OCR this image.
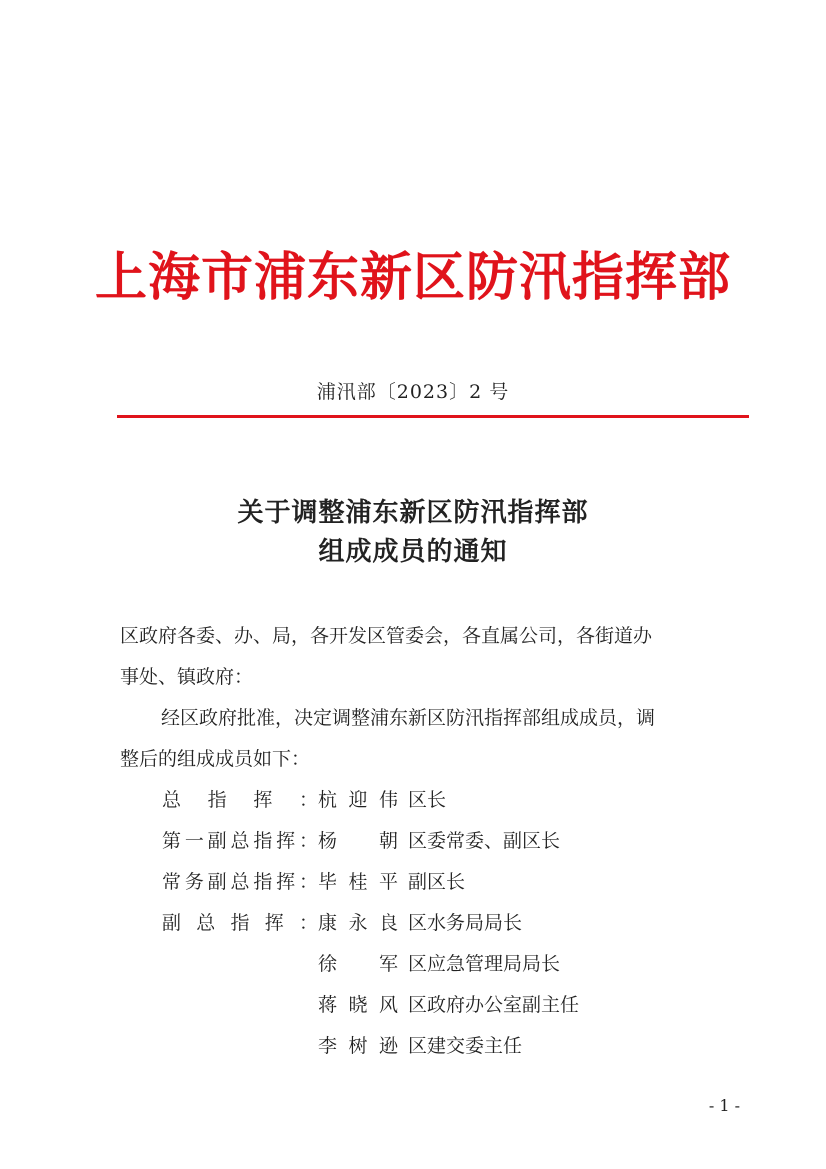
上海市浦东新区防汛指挥部
浦汛部〔2023〕2 号
关于调整浦东新区防汛指挥部
组成成员的通知
区政府各委、办、局，各开发区管委会，各直属公司，各街道办
事处、镇政府：
经区政府批准，决定调整浦东新区防汛指挥部组成成员，调
整后的组成成员如下：
总指挥： 杭迎伟 区长
第一副总指挥： 杨朝 区委常委、副区长
常务副总指挥： 毕桂平 副区长
副总指挥： 康永良 区水务局局长
徐军 区应急管理局局长
蒋晓风 区政府办公室副主任
李树逊 区建交委主任
- 1 -
